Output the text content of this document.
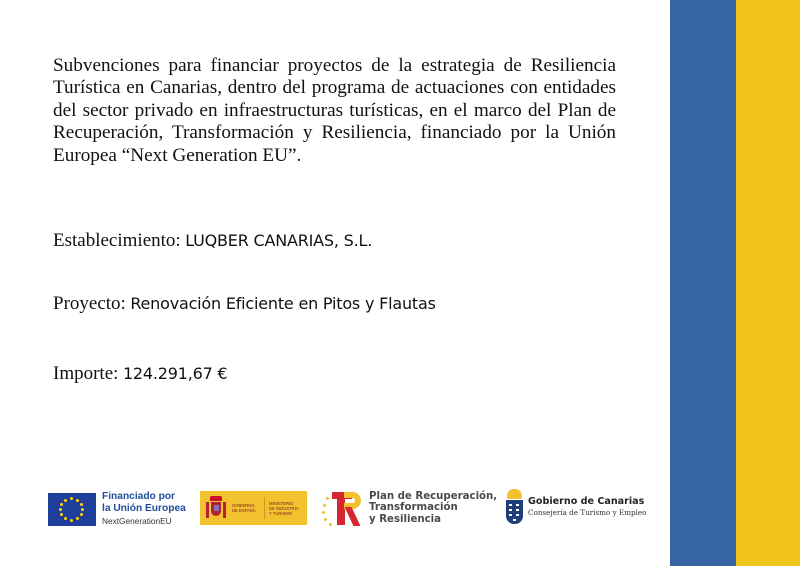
Subvenciones para financiar proyectos de la estrategia de Resiliencia Turística en Canarias, dentro del programa de actuaciones con entidades del sector privado en infraestructuras turísticas, en el marco del Plan de Recuperación, Transformación y Resiliencia, financiado por la Unión Europea “Next Generation EU”.

Establecimiento: LUQBER CANARIAS, S.L.
Proyecto: Renovación Eficiente en Pitos y Flautas
Importe: 124.291,67 €
Financiado por
la Unión Europea
NextGenerationEU
GOBIERNO
DE ESPAÑA
MINISTERIO
DE INDUSTRIA
Y TURISMO
Plan de Recuperación,
Transformación
y Resiliencia
Gobierno de Canarias
Consejería de Turismo y Empleo
